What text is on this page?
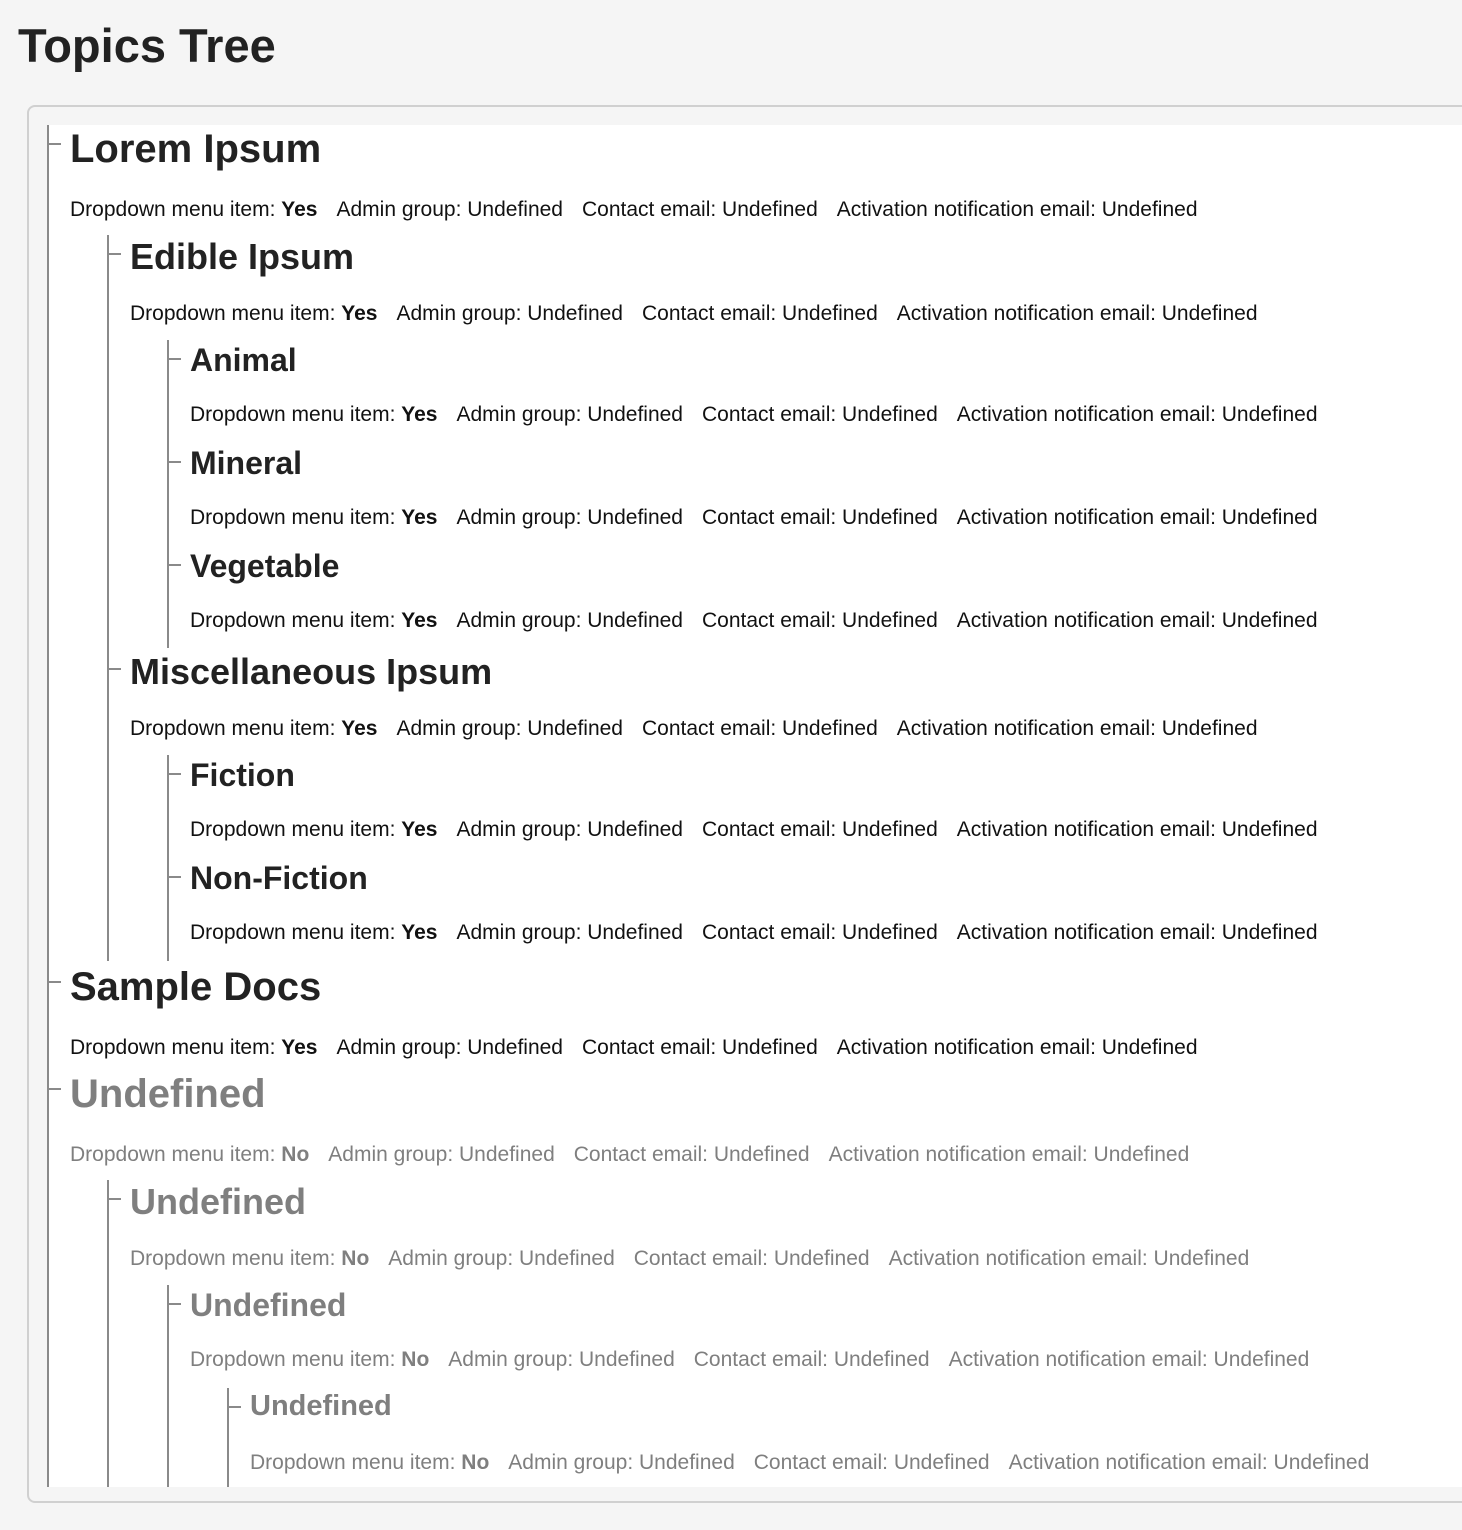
Topics Tree
Lorem Ipsum
Dropdown menu item: Yes Admin group: Undefined Contact email: Undefined Activation notification email: Undefined
Edible Ipsum
Dropdown menu item: Yes Admin group: Undefined Contact email: Undefined Activation notification email: Undefined
Animal
Dropdown menu item: Yes Admin group: Undefined Contact email: Undefined Activation notification email: Undefined
Mineral
Dropdown menu item: Yes Admin group: Undefined Contact email: Undefined Activation notification email: Undefined
Vegetable
Dropdown menu item: Yes Admin group: Undefined Contact email: Undefined Activation notification email: Undefined
Miscellaneous Ipsum
Dropdown menu item: Yes Admin group: Undefined Contact email: Undefined Activation notification email: Undefined
Fiction
Dropdown menu item: Yes Admin group: Undefined Contact email: Undefined Activation notification email: Undefined
Non-Fiction
Dropdown menu item: Yes Admin group: Undefined Contact email: Undefined Activation notification email: Undefined
Sample Docs
Dropdown menu item: Yes Admin group: Undefined Contact email: Undefined Activation notification email: Undefined
Undefined
Dropdown menu item: No Admin group: Undefined Contact email: Undefined Activation notification email: Undefined
Undefined
Dropdown menu item: No Admin group: Undefined Contact email: Undefined Activation notification email: Undefined
Undefined
Dropdown menu item: No Admin group: Undefined Contact email: Undefined Activation notification email: Undefined
Undefined
Dropdown menu item: No Admin group: Undefined Contact email: Undefined Activation notification email: Undefined
